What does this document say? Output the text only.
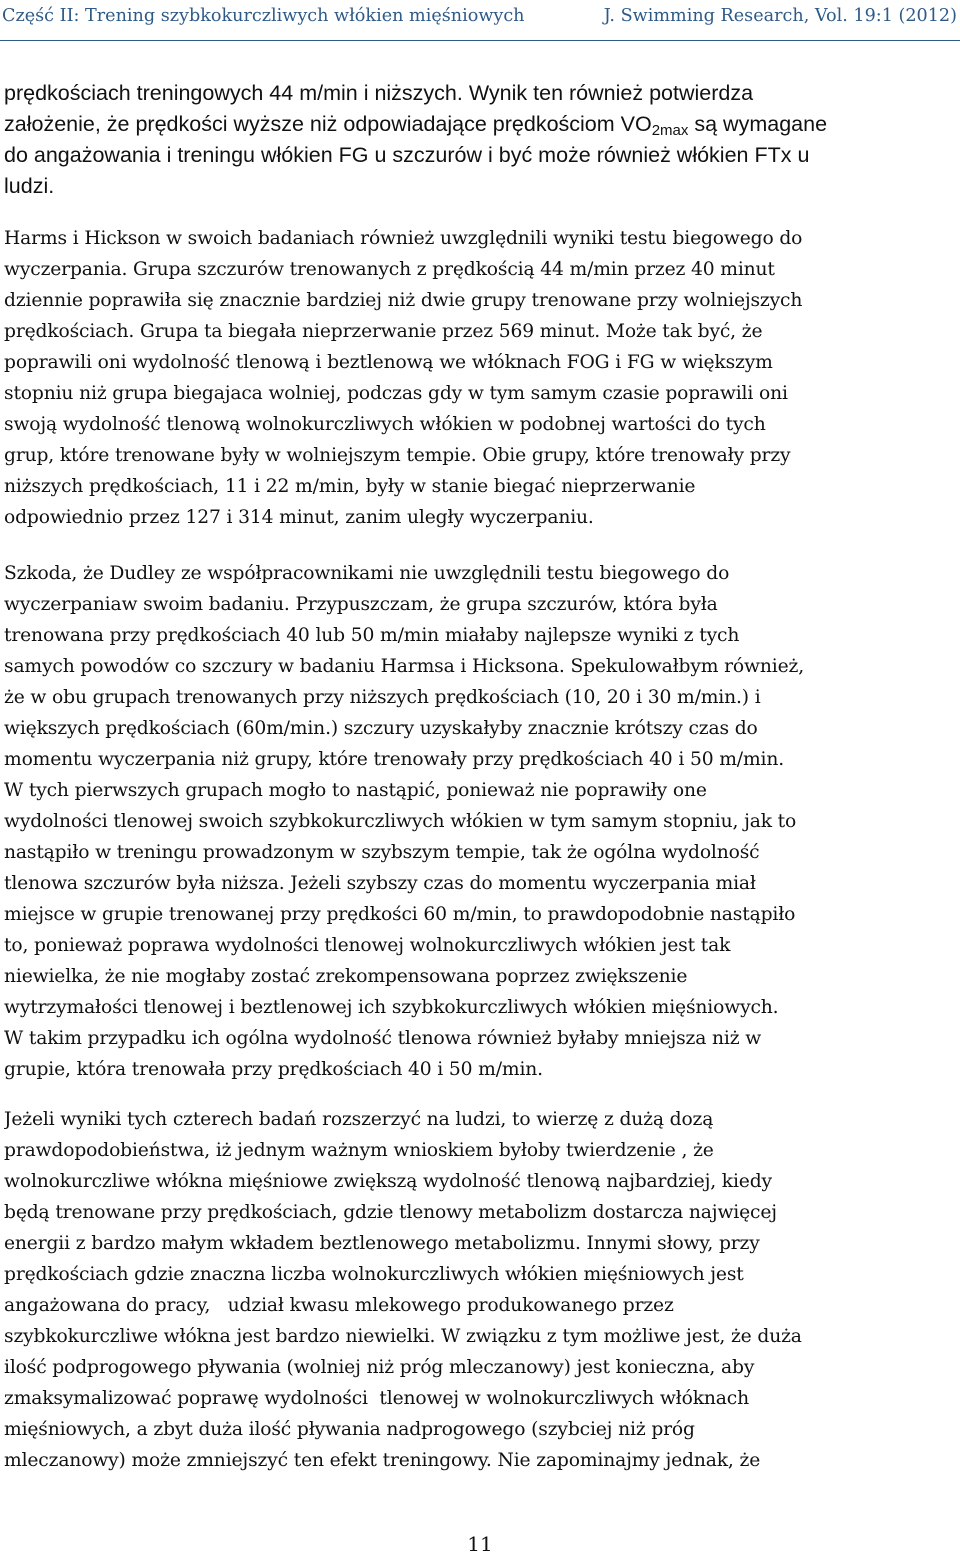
Część II: Trening szybkokurczliwych włókien mięśniowych	J. Swimming Research, Vol. 19:1 (2012)
prędkościach treningowych 44 m/min i niższych. Wynik ten również potwierdza
założenie, że prędkości wyższe niż odpowiadające prędkościom VO2max są wymagane
do angażowania i treningu włókien FG u szczurów i być może również włókien FTx u
ludzi.
Harms i Hickson w swoich badaniach również uwzględnili wyniki testu biegowego do
wyczerpania. Grupa szczurów trenowanych z prędkością 44 m/min przez 40 minut
dziennie poprawiła się znacznie bardziej niż dwie grupy trenowane przy wolniejszych
prędkościach. Grupa ta biegała nieprzerwanie przez 569 minut. Może tak być, że
poprawili oni wydolność tlenową i beztlenową we włóknach FOG i FG w większym
stopniu niż grupa biegajaca wolniej, podczas gdy w tym samym czasie poprawili oni
swoją wydolność tlenową wolnokurczliwych włókien w podobnej wartości do tych
grup, które trenowane były w wolniejszym tempie. Obie grupy, które trenowały przy
niższych prędkościach, 11 i 22 m/min, były w stanie biegać nieprzerwanie
odpowiednio przez 127 i 314 minut, zanim uległy wyczerpaniu.
Szkoda, że Dudley ze współpracownikami nie uwzględnili testu biegowego do
wyczerpaniaw swoim badaniu. Przypuszczam, że grupa szczurów, która była
trenowana przy prędkościach 40 lub 50 m/min miałaby najlepsze wyniki z tych
samych powodów co szczury w badaniu Harmsa i Hicksona. Spekulowałbym również,
że w obu grupach trenowanych przy niższych prędkościach (10, 20 i 30 m/min.) i
większych prędkościach (60m/min.) szczury uzyskałyby znacznie krótszy czas do
momentu wyczerpania niż grupy, które trenowały przy prędkościach 40 i 50 m/min.
W tych pierwszych grupach mogło to nastąpić, ponieważ nie poprawiły one
wydolności tlenowej swoich szybkokurczliwych włókien w tym samym stopniu, jak to
nastąpiło w treningu prowadzonym w szybszym tempie, tak że ogólna wydolność
tlenowa szczurów była niższa. Jeżeli szybszy czas do momentu wyczerpania miał
miejsce w grupie trenowanej przy prędkości 60 m/min, to prawdopodobnie nastąpiło
to, ponieważ poprawa wydolności tlenowej wolnokurczliwych włókien jest tak
niewielka, że nie mogłaby zostać zrekompensowana poprzez zwiększenie
wytrzymałości tlenowej i beztlenowej ich szybkokurczliwych włókien mięśniowych.
W takim przypadku ich ogólna wydolność tlenowa również byłaby mniejsza niż w
grupie, która trenowała przy prędkościach 40 i 50 m/min.
Jeżeli wyniki tych czterech badań rozszerzyć na ludzi, to wierzę z dużą dozą
prawdopodobieństwa, iż jednym ważnym wnioskiem byłoby twierdzenie , że
wolnokurczliwe włókna mięśniowe zwiększą wydolność tlenową najbardziej, kiedy
będą trenowane przy prędkościach, gdzie tlenowy metabolizm dostarcza najwięcej
energii z bardzo małym wkładem beztlenowego metabolizmu. Innymi słowy, przy
prędkościach gdzie znaczna liczba wolnokurczliwych włókien mięśniowych jest
angażowana do pracy,   udział kwasu mlekowego produkowanego przez
szybkokurczliwe włókna jest bardzo niewielki. W związku z tym możliwe jest, że duża
ilość podprogowego pływania (wolniej niż próg mleczanowy) jest konieczna, aby
zmaksymalizować poprawę wydolności  tlenowej w wolnokurczliwych włóknach
mięśniowych, a zbyt duża ilość pływania nadprogowego (szybciej niż próg
mleczanowy) może zmniejszyć ten efekt treningowy. Nie zapominajmy jednak, że
11
